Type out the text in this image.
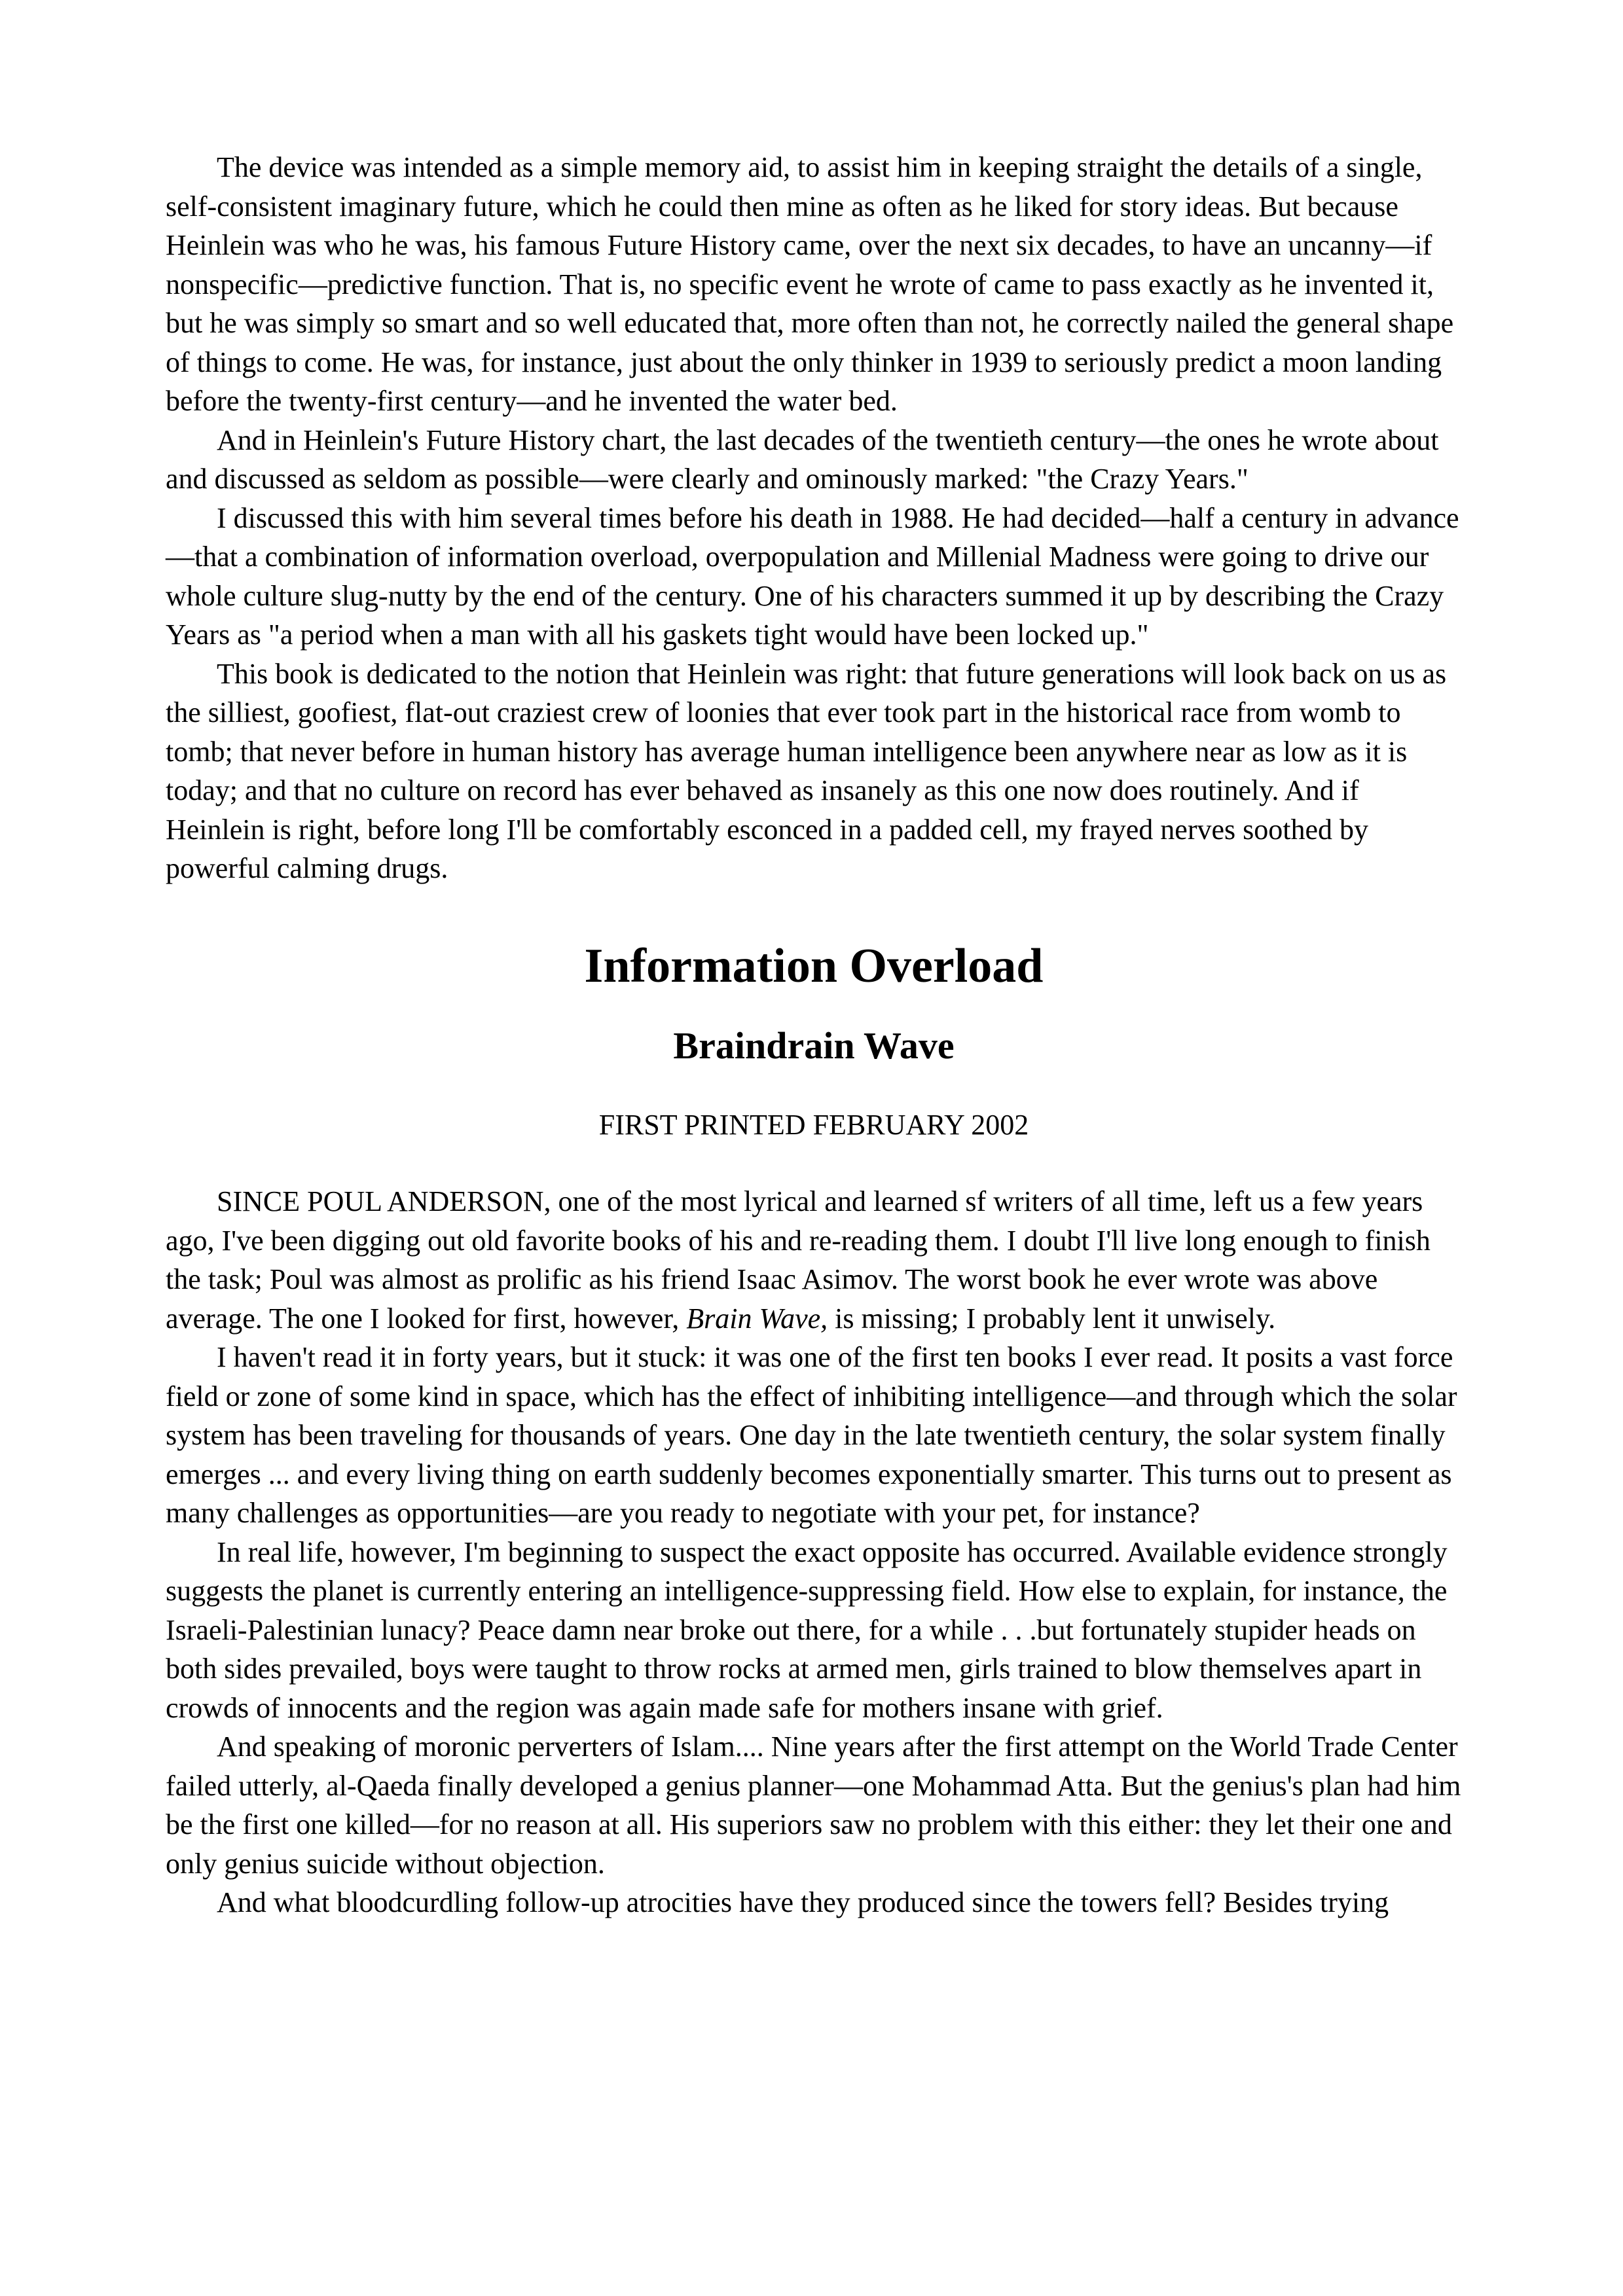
The device was intended as a simple memory aid, to assist him in keeping straight the details of a single, self-consistent imaginary future, which he could then mine as often as he liked for story ideas. But because Heinlein was who he was, his famous Future History came, over the next six decades, to have an uncanny—if nonspecific—predictive function. That is, no specific event he wrote of came to pass exactly as he invented it, but he was simply so smart and so well educated that, more often than not, he correctly nailed the general shape of things to come. He was, for instance, just about the only thinker in 1939 to seriously predict a moon landing before the twenty-first century—and he invented the water bed.

And in Heinlein's Future History chart, the last decades of the twentieth century—the ones he wrote about and discussed as seldom as possible—were clearly and ominously marked: "the Crazy Years."

I discussed this with him several times before his death in 1988. He had decided—half a century in advance—that a combination of information overload, overpopulation and Millenial Madness were going to drive our whole culture slug-nutty by the end of the century. One of his characters summed it up by describing the Crazy Years as "a period when a man with all his gaskets tight would have been locked up."

This book is dedicated to the notion that Heinlein was right: that future generations will look back on us as the silliest, goofiest, flat-out craziest crew of loonies that ever took part in the historical race from womb to tomb; that never before in human history has average human intelligence been anywhere near as low as it is today; and that no culture on record has ever behaved as insanely as this one now does routinely. And if Heinlein is right, before long I'll be comfortably esconced in a padded cell, my frayed nerves soothed by powerful calming drugs.

Information Overload
Braindrain Wave
FIRST PRINTED FEBRUARY 2002

SINCE POUL ANDERSON, one of the most lyrical and learned sf writers of all time, left us a few years ago, I've been digging out old favorite books of his and re-reading them. I doubt I'll live long enough to finish the task; Poul was almost as prolific as his friend Isaac Asimov. The worst book he ever wrote was above average. The one I looked for first, however, Brain Wave, is missing; I probably lent it unwisely.

I haven't read it in forty years, but it stuck: it was one of the first ten books I ever read. It posits a vast force field or zone of some kind in space, which has the effect of inhibiting intelligence—and through which the solar system has been traveling for thousands of years. One day in the late twentieth century, the solar system finally emerges ... and every living thing on earth suddenly becomes exponentially smarter. This turns out to present as many challenges as opportunities—are you ready to negotiate with your pet, for instance?

In real life, however, I'm beginning to suspect the exact opposite has occurred. Available evidence strongly suggests the planet is currently entering an intelligence-suppressing field. How else to explain, for instance, the Israeli-Palestinian lunacy? Peace damn near broke out there, for a while . . .but fortunately stupider heads on both sides prevailed, boys were taught to throw rocks at armed men, girls trained to blow themselves apart in crowds of innocents and the region was again made safe for mothers insane with grief.

And speaking of moronic perverters of Islam.... Nine years after the first attempt on the World Trade Center failed utterly, al-Qaeda finally developed a genius planner—one Mohammad Atta. But the genius's plan had him be the first one killed—for no reason at all. His superiors saw no problem with this either: they let their one and only genius suicide without objection.

And what bloodcurdling follow-up atrocities have they produced since the towers fell? Besides trying
